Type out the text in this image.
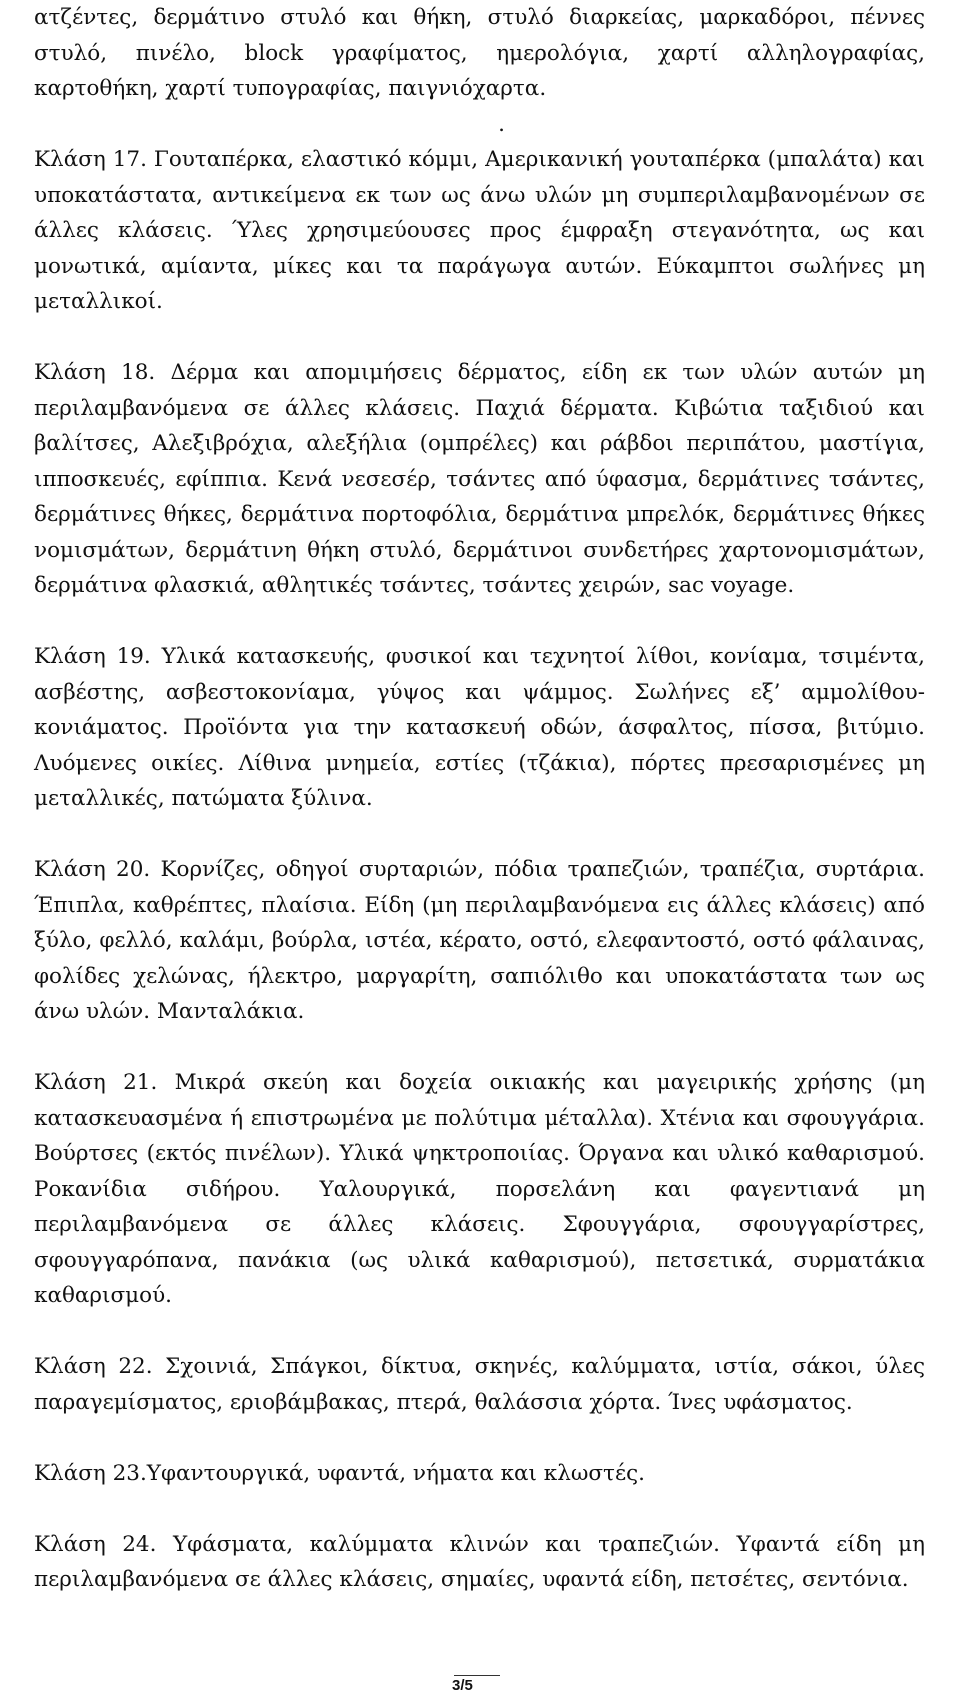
ατζέντες, δερμάτινο στυλό και θήκη, στυλό διαρκείας, μαρκαδόροι, πέννες στυλό, πινέλο, block γραφίματος, ημερολόγια, χαρτί αλληλογραφίας, καρτοθήκη, χαρτί τυπογραφίας, παιγνιόχαρτα.

.

Κλάση 17. Γουταπέρκα, ελαστικό κόμμι, Αμερικανική γουταπέρκα (μπαλάτα) και υποκατάστατα, αντικείμενα εκ των ως άνω υλών μη συμπεριλαμβανομένων σε άλλες κλάσεις. Ύλες χρησιμεύουσες προς έμφραξη στεγανότητα, ως και μονωτικά, αμίαντα, μίκες και τα παράγωγα αυτών. Εύκαμπτοι σωλήνες μη μεταλλικοί.

Κλάση 18. Δέρμα και απομιμήσεις δέρματος, είδη εκ των υλών αυτών μη περιλαμβανόμενα σε άλλες κλάσεις. Παχιά δέρματα. Κιβώτια ταξιδιού και βαλίτσες, Αλεξιβρόχια, αλεξήλια (ομπρέλες) και ράβδοι περιπάτου, μαστίγια, ιπποσκευές, εφίππια. Κενά νεσεσέρ, τσάντες από ύφασμα, δερμάτινες τσάντες, δερμάτινες θήκες, δερμάτινα πορτοφόλια, δερμάτινα μπρελόκ, δερμάτινες θήκες νομισμάτων, δερμάτινη θήκη στυλό, δερμάτινοι συνδετήρες χαρτονομισμάτων, δερμάτινα φλασκιά, αθλητικές τσάντες, τσάντες χειρών, sac voyage.

Κλάση 19. Υλικά κατασκευής, φυσικοί και τεχνητοί λίθοι, κονίαμα, τσιμέντα, ασβέστης, ασβεστοκονίαμα, γύψος και ψάμμος. Σωλήνες εξ’ αμμολίθου-κονιάματος. Προϊόντα για την κατασκευή οδών, άσφαλτος, πίσσα, βιτύμιο. Λυόμενες οικίες. Λίθινα μνημεία, εστίες (τζάκια), πόρτες πρεσαρισμένες μη μεταλλικές, πατώματα ξύλινα.

Κλάση 20. Κορνίζες, οδηγοί συρταριών, πόδια τραπεζιών, τραπέζια, συρτάρια. Έπιπλα, καθρέπτες, πλαίσια. Είδη (μη περιλαμβανόμενα εις άλλες κλάσεις) από ξύλο, φελλό, καλάμι, βούρλα, ιστέα, κέρατο, οστό, ελεφαντοστό, οστό φάλαινας, φολίδες χελώνας, ήλεκτρο, μαργαρίτη, σαπιόλιθο και υποκατάστατα των ως άνω υλών. Μανταλάκια.

Κλάση 21. Μικρά σκεύη και δοχεία οικιακής και μαγειρικής χρήσης (μη κατασκευασμένα ή επιστρωμένα με πολύτιμα μέταλλα). Χτένια και σφουγγάρια. Βούρτσες (εκτός πινέλων). Υλικά ψηκτροποιίας. Όργανα και υλικό καθαρισμού. Ροκανίδια σιδήρου. Υαλουργικά, πορσελάνη και φαγεντιανά μη περιλαμβανόμενα σε άλλες κλάσεις. Σφουγγάρια, σφουγγαρίστρες, σφουγγαρόπανα, πανάκια (ως υλικά καθαρισμού), πετσετικά, συρματάκια καθαρισμού.

Κλάση 22. Σχοινιά, Σπάγκοι, δίκτυα, σκηνές, καλύμματα, ιστία, σάκοι, ύλες παραγεμίσματος, εριοβάμβακας, πτερά, θαλάσσια χόρτα. Ίνες υφάσματος.

Κλάση 23.Υφαντουργικά, υφαντά, νήματα και κλωστές.

Κλάση 24. Υφάσματα, καλύμματα κλινών και τραπεζιών. Υφαντά είδη μη περιλαμβανόμενα σε άλλες κλάσεις, σημαίες, υφαντά είδη, πετσέτες, σεντόνια.

3/5
